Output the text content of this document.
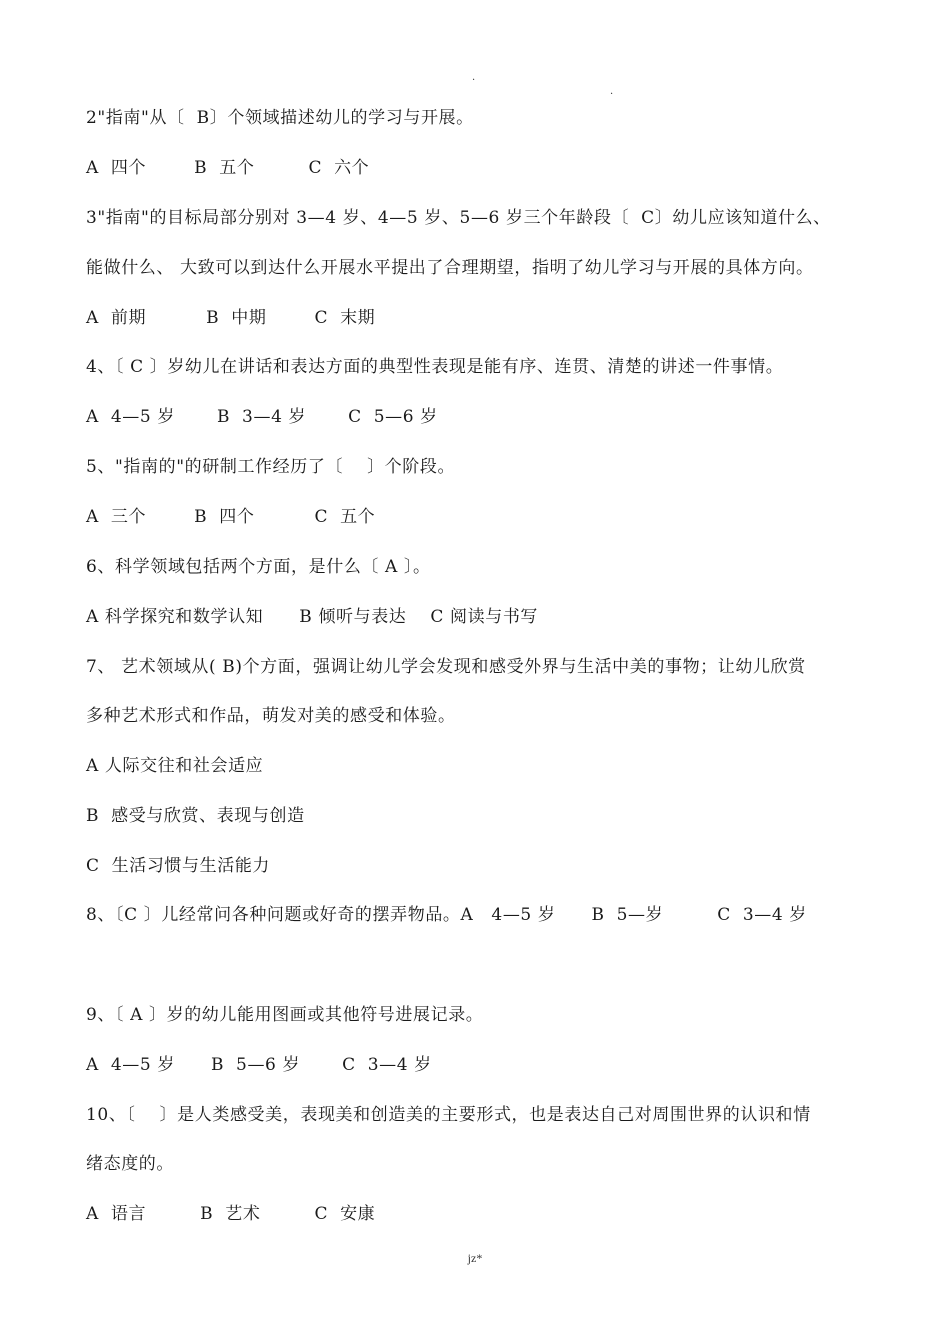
.
.
2"指南"从〔  B〕个领域描述幼儿的学习与开展。
A  四个        B  五个         C  六个
3"指南"的目标局部分别对 3—4 岁、4—5 岁、5—6 岁三个年龄段〔  C〕幼儿应该知道什么、
能做什么、 大致可以到达什么开展水平提出了合理期望，指明了幼儿学习与开展的具体方向。
A  前期          B  中期        C  末期
4、〔 C 〕岁幼儿在讲话和表达方面的典型性表现是能有序、连贯、清楚的讲述一件事情。
A  4—5 岁       B  3—4 岁       C  5—6 岁
5、"指南的"的研制工作经历了〔    〕个阶段。
A  三个        B  四个          C  五个
6、科学领域包括两个方面，是什么〔 A 〕。
A 科学探究和数学认知      B 倾听与表达    C 阅读与书写
7、 艺术领域从( B)个方面，强调让幼儿学会发现和感受外界与生活中美的事物；让幼儿欣赏
多种艺术形式和作品，萌发对美的感受和体验。
A 人际交往和社会适应
B  感受与欣赏、表现与创造
C  生活习惯与生活能力
8、〔C 〕儿经常问各种问题或好奇的摆弄物品。A   4—5 岁      B  5—岁         C  3—4 岁
9、〔 A 〕岁的幼儿能用图画或其他符号进展记录。
A  4—5 岁      B  5—6 岁       C  3—4 岁
10、〔    〕是人类感受美，表现美和创造美的主要形式，也是表达自己对周围世界的认识和情
绪态度的。
A  语言         B  艺术         C  安康
jz*
